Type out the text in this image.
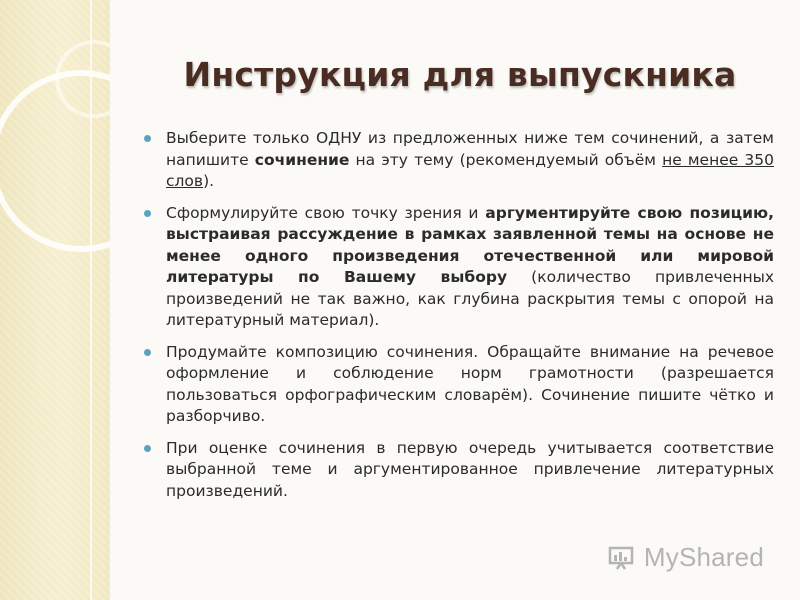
Инструкция для выпускника
Выберите только ОДНУ из предложенных ниже тем сочинений, а затем напишите сочинение на эту тему (рекомендуемый объём не менее 350 слов).
Сформулируйте свою точку зрения и аргументируйте свою позицию, выстраивая рассуждение в рамках заявленной темы на основе не менее одного произведения отечественной или мировой литературы по Вашему выбору (количество привлеченных произведений не так важно, как глубина раскрытия темы с опорой на литературный материал).
Продумайте композицию сочинения. Обращайте внимание на речевое оформление и соблюдение норм грамотности (разрешается пользоваться орфографическим словарём). Сочинение пишите чётко и разборчиво.
При оценке сочинения в первую очередь учитывается соответствие выбранной теме и аргументированное привлечение литературных произведений.
MyShared
